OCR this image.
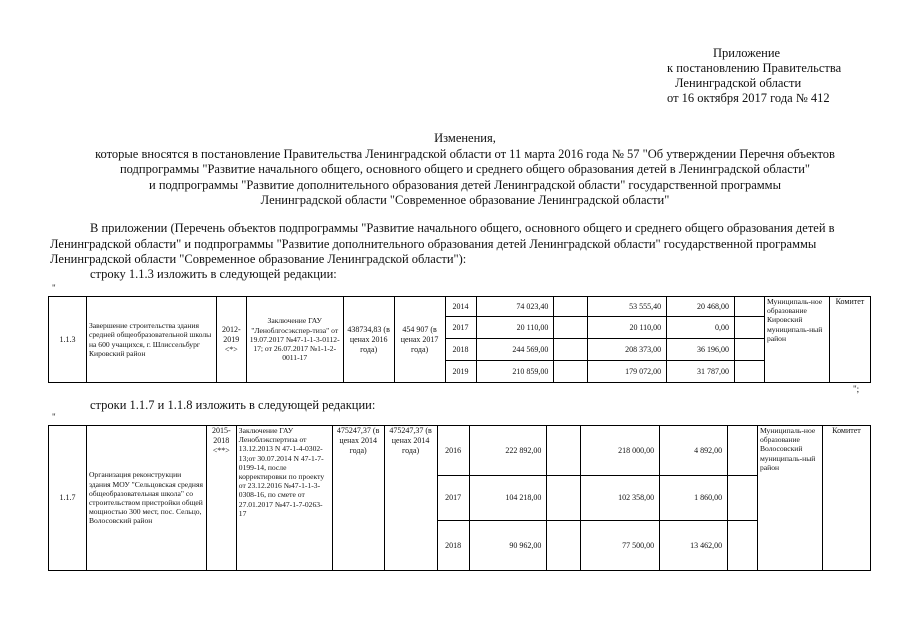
Приложение
к постановлению Правительства
Ленинградской области
от 16 октября 2017 года № 412
Изменения,
которые вносятся в постановление Правительства Ленинградской области от 11 марта 2016 года № 57 "Об утверждении Перечня объектов
подпрограммы "Развитие начального общего, основного общего и среднего общего образования детей в Ленинградской области"
и подпрограммы "Развитие дополнительного образования детей Ленинградской области" государственной программы
Ленинградской области "Современное образование Ленинградской области"

В приложении (Перечень объектов подпрограммы "Развитие начального общего, основного общего и среднего общего образования детей в Ленинградской области" и подпрограммы "Развитие дополнительного образования детей Ленинградской области" государственной программы Ленинградской области "Современное образование Ленинградской области"):

строку 1.1.3 изложить в следующей редакции:
"
1.1.3	Завершение строительства здания средней общеобразовательной школы на 600 учащихся, г. Шлиссельбург Кировский район	2012-2019 <*>	Заключение ГАУ "Леноблгосэкспер-тиза" от 19.07.2017 №47-1-1-3-0112-17; от 26.07.2017 №1-1-2-0011-17	438734,83 (в ценах 2016 года)	454 907 (в ценах 2017 года)	2014	74 023,40		53 555,40	20 468,00		Муниципаль-ное образование Кировский муниципаль-ный район	Комитет
						2017	20 110,00		20 110,00	0,00			
						2018	244 569,00		208 373,00	36 196,00			
						2019	210 859,00		179 072,00	31 787,00			
";
строки 1.1.7 и 1.1.8 изложить в следующей редакции:
"
1.1.7	Организация реконструкции здания МОУ "Сельцовская средняя общеобразовательная школа" со строительством пристройки общей мощностью 300 мест, пос. Сельцо, Волосовский район	2015-2018 <**>	Заключение ГАУ Леноблэкспертиза от 13.12.2013 N 47-1-4-0302-13;от 30.07.2014 N 47-1-7-0199-14, после корректировки по проекту от 23.12.2016 №47-1-1-3-0308-16, по смете от 27.01.2017 №47-1-7-0263-17	475247,37 (в ценах 2014 года)	475247,37 (в ценах 2014 года)	2016	222 892,00		218 000,00	4 892,00		Муниципаль-ное образование Волосовский муниципаль-ный район	Комитет
						2017	104 218,00		102 358,00	1 860,00			
						2018	90 962,00		77 500,00	13 462,00			
